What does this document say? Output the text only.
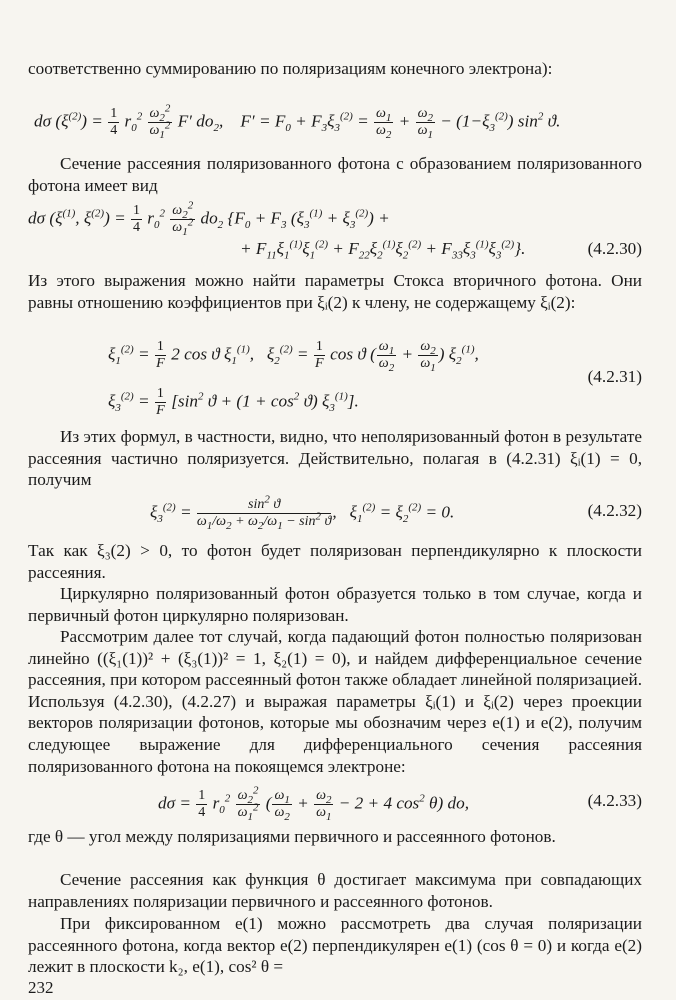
соответственно суммированию по поляризациям конечного электрона):

dσ $(\xi^{(2)}) = \frac{1}{4} r_0^2 \frac{\omega_2^2}{\omega_1^2} F'$ $do_2$,    $F' = F_0 + F_3\xi_3^{(2)} = \frac{\omega_1}{\omega_2} + \frac{\omega_2}{\omega_1} - (1-\xi_3^{(2)})$ $\sin^2 ϑ$.

Сечение рассеяния поляризованного фотона с образованием поляризованного фотона имеет вид

dσ ($\xi^{(1)}$, $\xi^{(2)}) = \frac{1}{4} r_0^2 \frac{\omega_2^2}{\omega_1^2} do_2$ {$F_0 + F_3$ $(\xi_3^{(1)} + \xi_3^{(2)})$ +
+ $F_{11}\xi_1^{(1)}\xi_1^{(2)} + F_{22}\xi_2^{(1)}\xi_2^{(2)} + F_{33}\xi_3^{(1)}\xi_3^{(2)}$}.	(4.2.30)

Из этого выражения можно найти параметры Стокса вторичного фотона. Они равны отношению коэффициентов при ξᵢ(2) к члену, не содержащему ξᵢ(2):

$\xi_1^{(2)} = \frac{1}{F} 2$ cos ϑ $\xi_1^{(1)}$,   $\xi_2^{(2)} = \frac{1}{F}$ cos ϑ ( $\frac{\omega_1}{\omega_2} + \frac{\omega_2}{\omega_1}$ ) $\xi_2^{(1)}$,
$\xi_3^{(2)} = \frac{1}{F} [\sin^2$ $ϑ + (1 + \cos^2 ϑ)$ $\xi_3^{(1)}$].
(4.2.31)

Из этих формул, в частности, видно, что неполяризованный фотон в результате рассеяния частично поляризуется. Действительно, полагая в (4.2.31) ξᵢ(1) = 0, получим

$\xi_3^{(2)} = \frac{\sin^2 ϑ}{\omega_1/\omega_2 + \omega_2/\omega_1 - \sin^2 ϑ}$ ,   $\xi_1^{(2)} = \xi_2^{(2)} = 0$.	(4.2.32)

Так как ξ₃(2) > 0, то фотон будет поляризован перпендикулярно к плоскости рассеяния.

Циркулярно поляризованный фотон образуется только в том случае, когда и первичный фотон циркулярно поляризован.

Рассмотрим далее тот случай, когда падающий фотон полностью поляризован линейно ((ξ₁(1))² + (ξ₃(1))² = 1, ξ₂(1) = 0), и найдем дифференциальное сечение рассеяния, при котором рассеянный фотон также обладает линейной поляризацией. Используя (4.2.30), (4.2.27) и выражая параметры ξᵢ(1) и ξᵢ(2) через проекции векторов поляризации фотонов, которые мы обозначим через e(1) и e(2), получим следующее выражение для дифференциального сечения рассеяния поляризованного фотона на покоящемся электроне:

$d\sigma = \frac{1}{4} r_0^2 \frac{\omega_2^2}{\omega_1^2}$ ( $\frac{\omega_1}{\omega_2} + \frac{\omega_2}{\omega_1} - 2 + 4$ $\cos^2 \theta$) do,	(4.2.33)

где θ — угол между поляризациями первичного и рассеянного фотонов.

Сечение рассеяния как функция θ достигает максимума при совпадающих направлениях поляризации первичного и рассеянного фотонов.

При фиксированном e(1) можно рассмотреть два случая поляризации рассеянного фотона, когда вектор e(2) перпендикулярен e(1) (cos θ = 0) и когда e(2) лежит в плоскости k₂, e(1), cos² θ =

232
